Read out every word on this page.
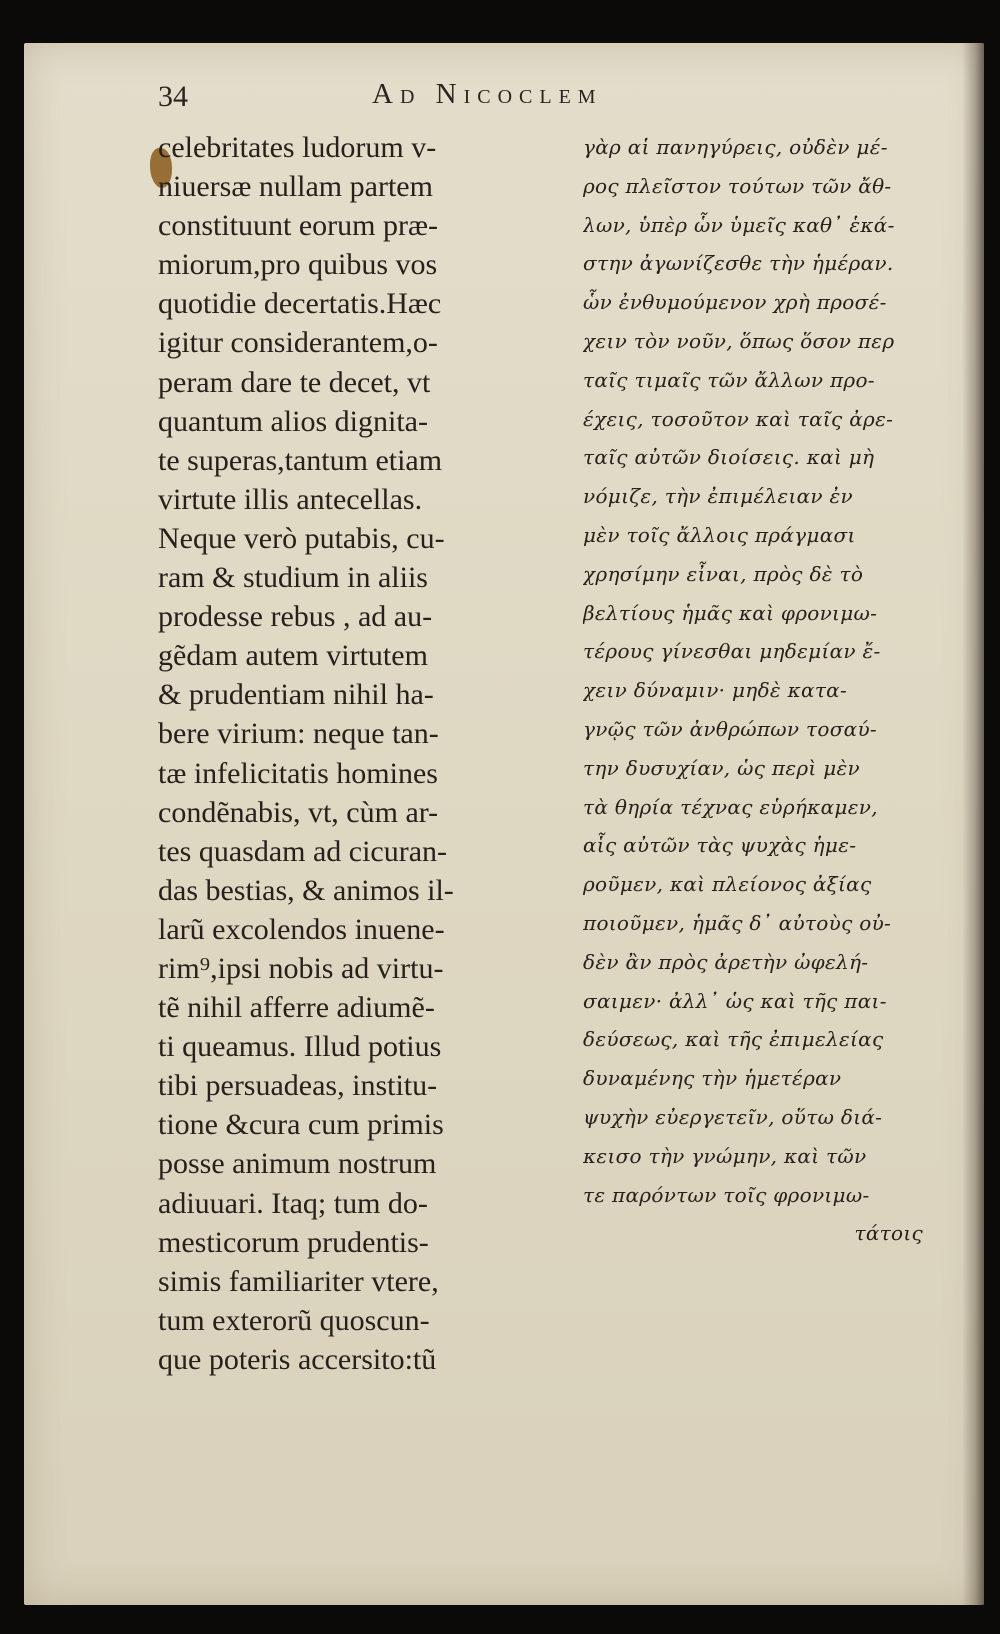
34	Ad Nicoclem
celebritates ludorum v-
niuersæ nullam partem
constituunt eorum præ-
miorum,pro quibus vos
quotidie decertatis.Hæc
igitur considerantem,o-
peram dare te decet, vt
quantum alios dignita-
te superas,tantum etiam
virtute illis antecellas.
Neque verò putabis, cu-
ram & studium in aliis
prodesse rebus , ad au-
gẽdam autem virtutem
& prudentiam nihil ha-
bere virium: neque tan-
tæ infelicitatis homines
condẽnabis, vt, cùm ar-
tes quasdam ad cicuran-
das bestias, & animos il-
larũ excolendos inuene-
rim⁹,ipsi nobis ad virtu-
tẽ nihil afferre adiumẽ-
ti queamus. Illud potius
tibi persuadeas, institu-
tione &cura cum primis
posse animum nostrum
adiuuari. Itaq; tum do-
mesticorum prudentis-
simis familiariter vtere,
tum exterorũ quoscun-
que poteris accersito:tũ
γὰρ αἱ πανηγύρεις, οὐδὲν μέ-
ρος πλεῖστον τούτων τῶν ἄθ-
λων, ὑπὲρ ὧν ὑμεῖς καθ᾽ ἑκά-
στην ἀγωνίζεσθε τὴν ἡμέραν.
ὧν ἐνθυμούμενον χρὴ προσέ-
χειν τὸν νοῦν, ὅπως ὅσον περ
ταῖς τιμαῖς τῶν ἄλλων προ-
έχεις, τοσοῦτον καὶ ταῖς ἀρε-
ταῖς αὐτῶν διοίσεις. καὶ μὴ
νόμιζε, τὴν ἐπιμέλειαν ἐν
μὲν τοῖς ἄλλοις πράγμασι
χρησίμην εἶναι, πρὸς δὲ τὸ
βελτίους ἡμᾶς καὶ φρονιμω-
τέρους γίνεσθαι μηδεμίαν ἔ-
χειν δύναμιν· μηδὲ κατα-
γνῷς τῶν ἀνθρώπων τοσαύ-
την δυσυχίαν, ὡς περὶ μὲν
τὰ θηρία τέχνας εὑρήκαμεν,
αἷς αὐτῶν τὰς ψυχὰς ἡμε-
ροῦμεν, καὶ πλείονος ἀξίας
ποιοῦμεν, ἡμᾶς δ᾽ αὐτοὺς οὐ-
δὲν ἂν πρὸς ἀρετὴν ὠφελή-
σαιμεν· ἀλλ᾽ ὡς καὶ τῆς παι-
δεύσεως, καὶ τῆς ἐπιμελείας
δυναμένης τὴν ἡμετέραν
ψυχὴν εὐεργετεῖν, οὕτω διά-
κεισο τὴν γνώμην, καὶ τῶν
τε παρόντων τοῖς φρονιμω-
τάτοις
